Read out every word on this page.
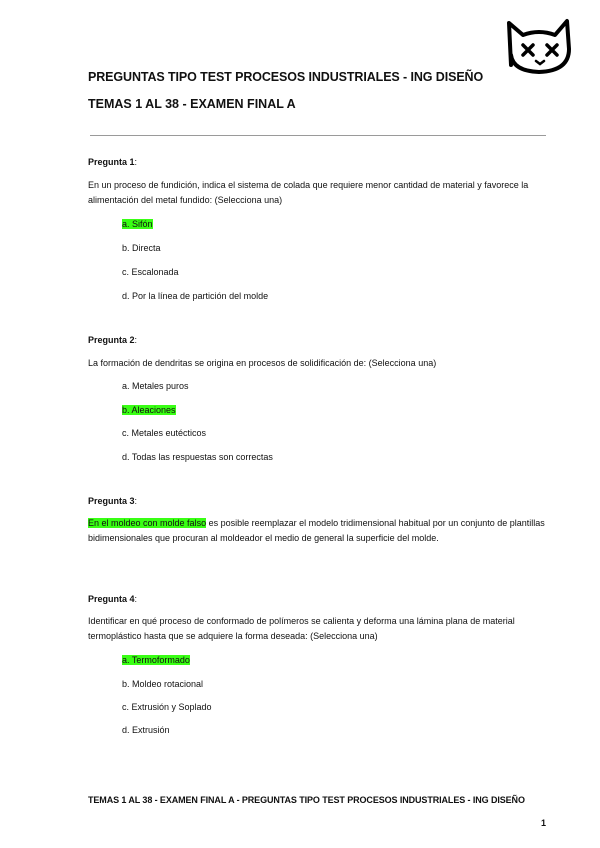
PREGUNTAS TIPO TEST PROCESOS INDUSTRIALES - ING DISEÑO
TEMAS 1 AL 38 - EXAMEN FINAL A
Pregunta 1:
En un proceso de fundición, indica el sistema de colada que requiere menor cantidad de material y favorece la alimentación del metal fundido: (Selecciona una)
a. Sifón
b. Directa
c. Escalonada
d. Por la línea de partición del molde
Pregunta 2:
La formación de dendritas se origina en procesos de solidificación de: (Selecciona una)
a. Metales puros
b. Aleaciones
c. Metales eutécticos
d. Todas las respuestas son correctas
Pregunta 3:
En el moldeo con molde falso es posible reemplazar el modelo tridimensional habitual por un conjunto de plantillas bidimensionales que procuran al moldeador el medio de general la superficie del molde.
Pregunta 4:
Identificar en qué proceso de conformado de polímeros se calienta y deforma una lámina plana de material termoplástico hasta que se adquiere la forma deseada: (Selecciona una)
a. Termoformado
b. Moldeo rotacional
c. Extrusión y Soplado
d. Extrusión
TEMAS 1 AL 38 - EXAMEN FINAL A - PREGUNTAS TIPO TEST PROCESOS INDUSTRIALES - ING DISEÑO
1
